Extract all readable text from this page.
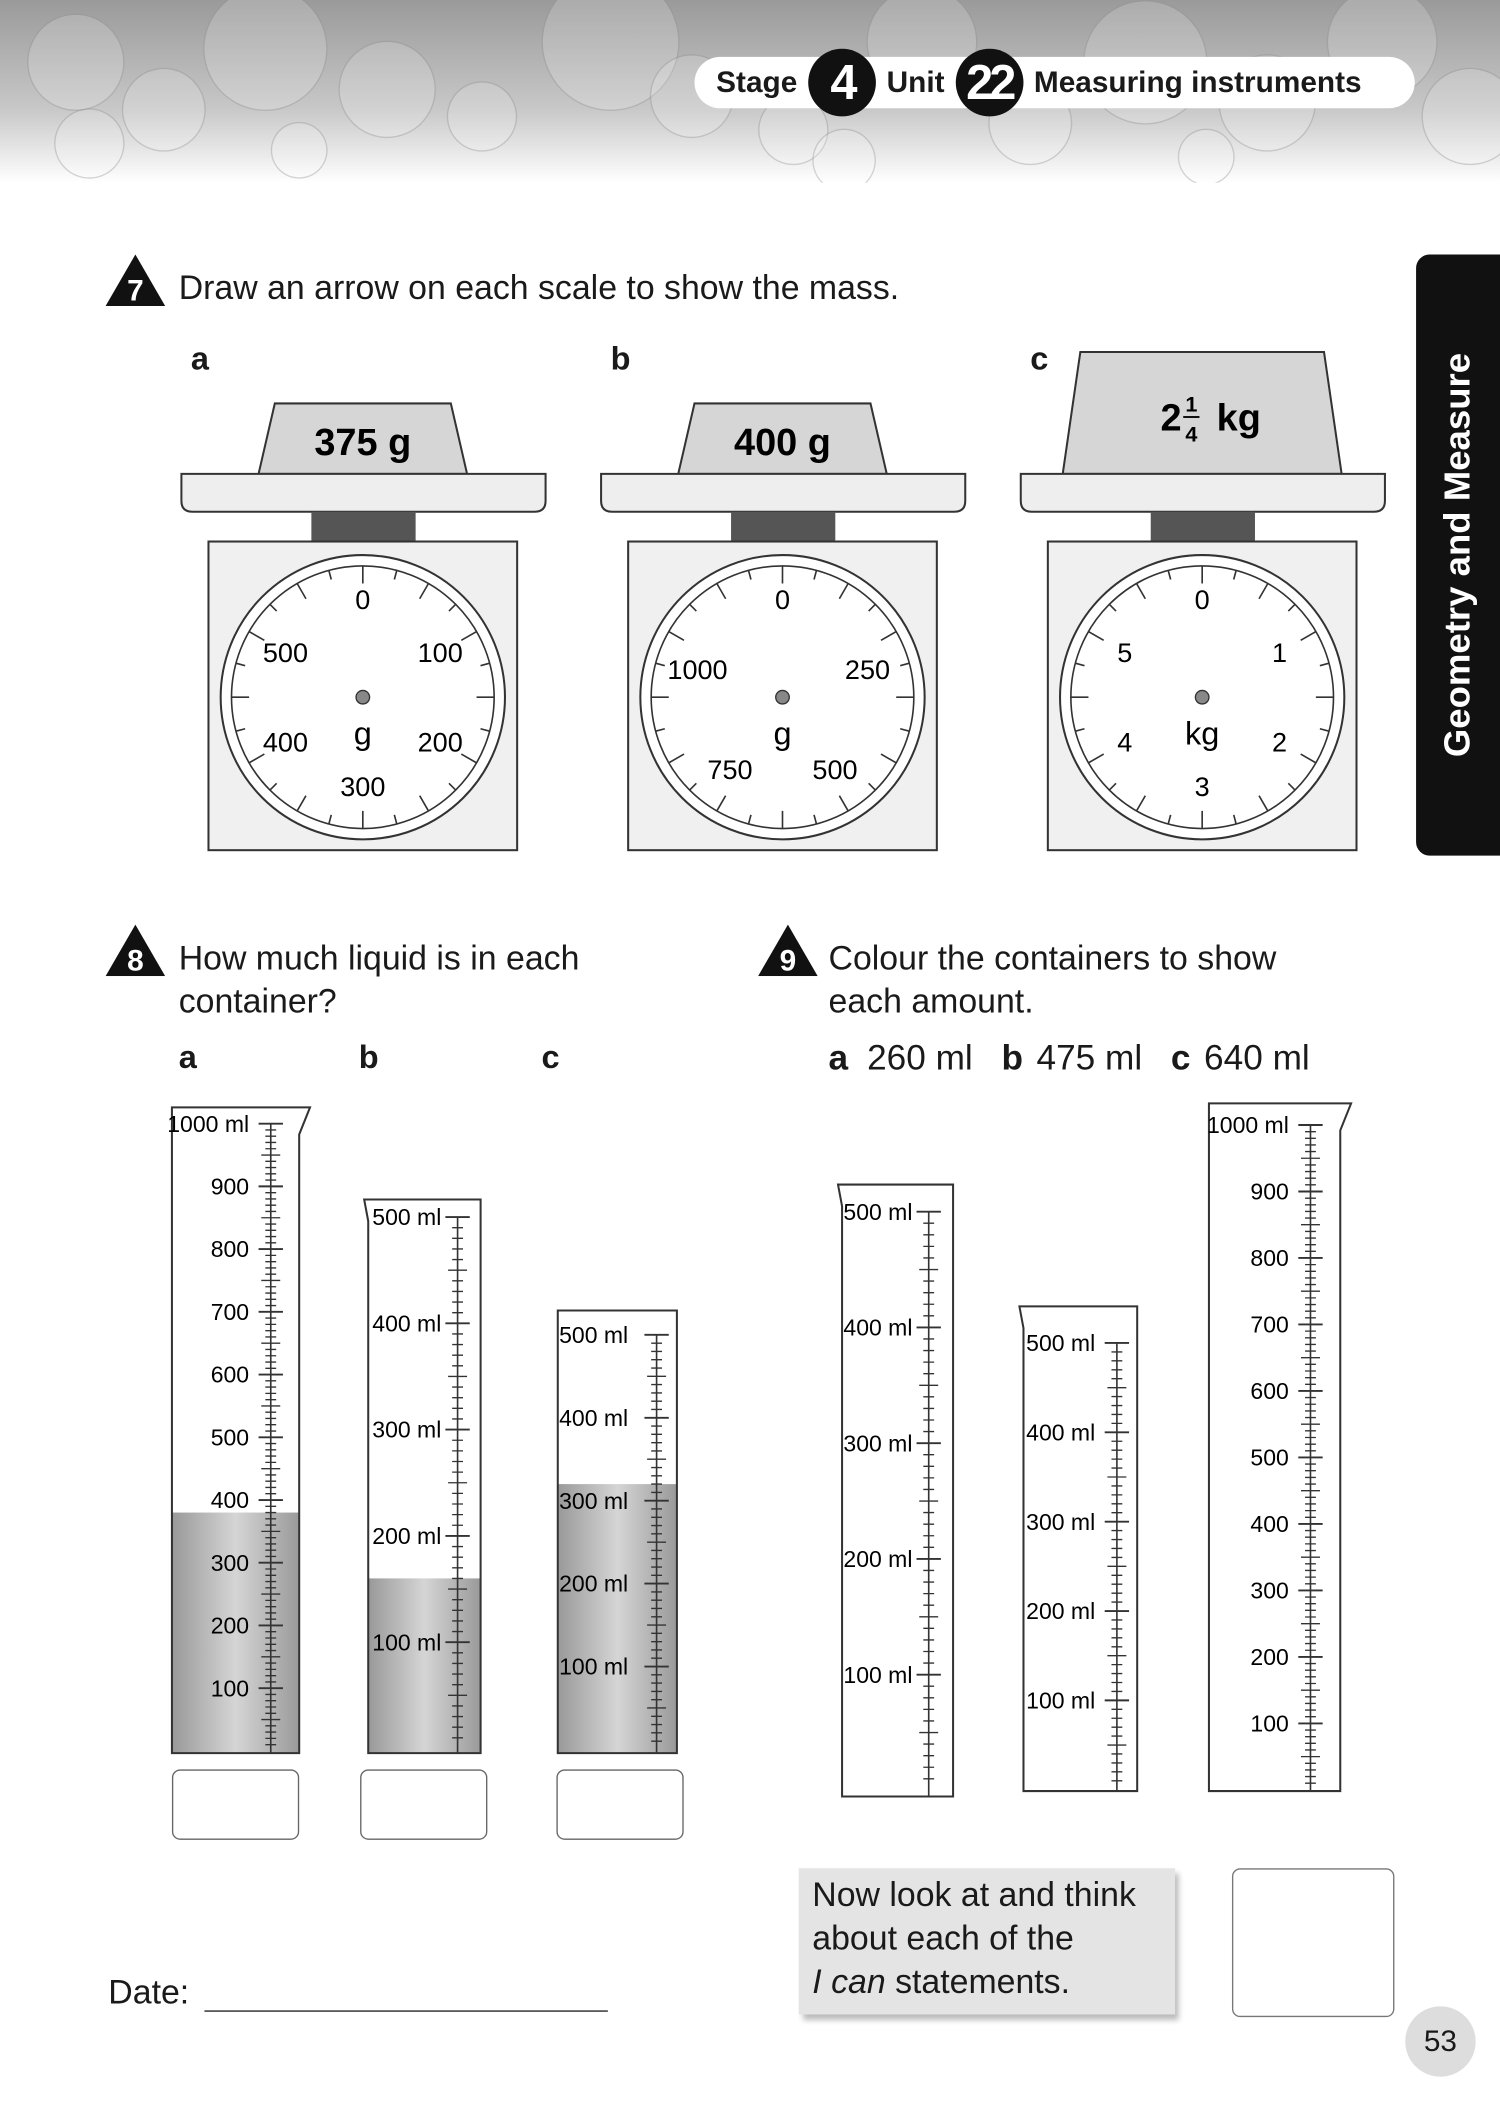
Stage 4	Unit 22 Measuring instruments
Geometry and Measure
7 Draw an arrow on each scale to show the mass.
8 How much liquid is in each
container?
9 Colour the containers to show
each amount.
a 260 ml b 475 ml c 640 ml
Date:
Now look at and think
about each of the
I can statements.
53
a
0
100
200
300
400
500
g
375 g
b
0
250
500
750
1000
g
400 g
c
0
1
2
3
4
5
kg
2 1
4 kg
a	b	c
1000 ml
900
800
700
600
500
400
300
200
100
500 ml
400 ml
300 ml
200 ml
100 ml
500 ml
400 ml
300 ml
200 ml
100 ml
500 ml
400 ml
300 ml
200 ml
100 ml
500 ml
400 ml
300 ml
200 ml
100 ml
1000 ml
900
800
700
600
500
400
300
200
100
